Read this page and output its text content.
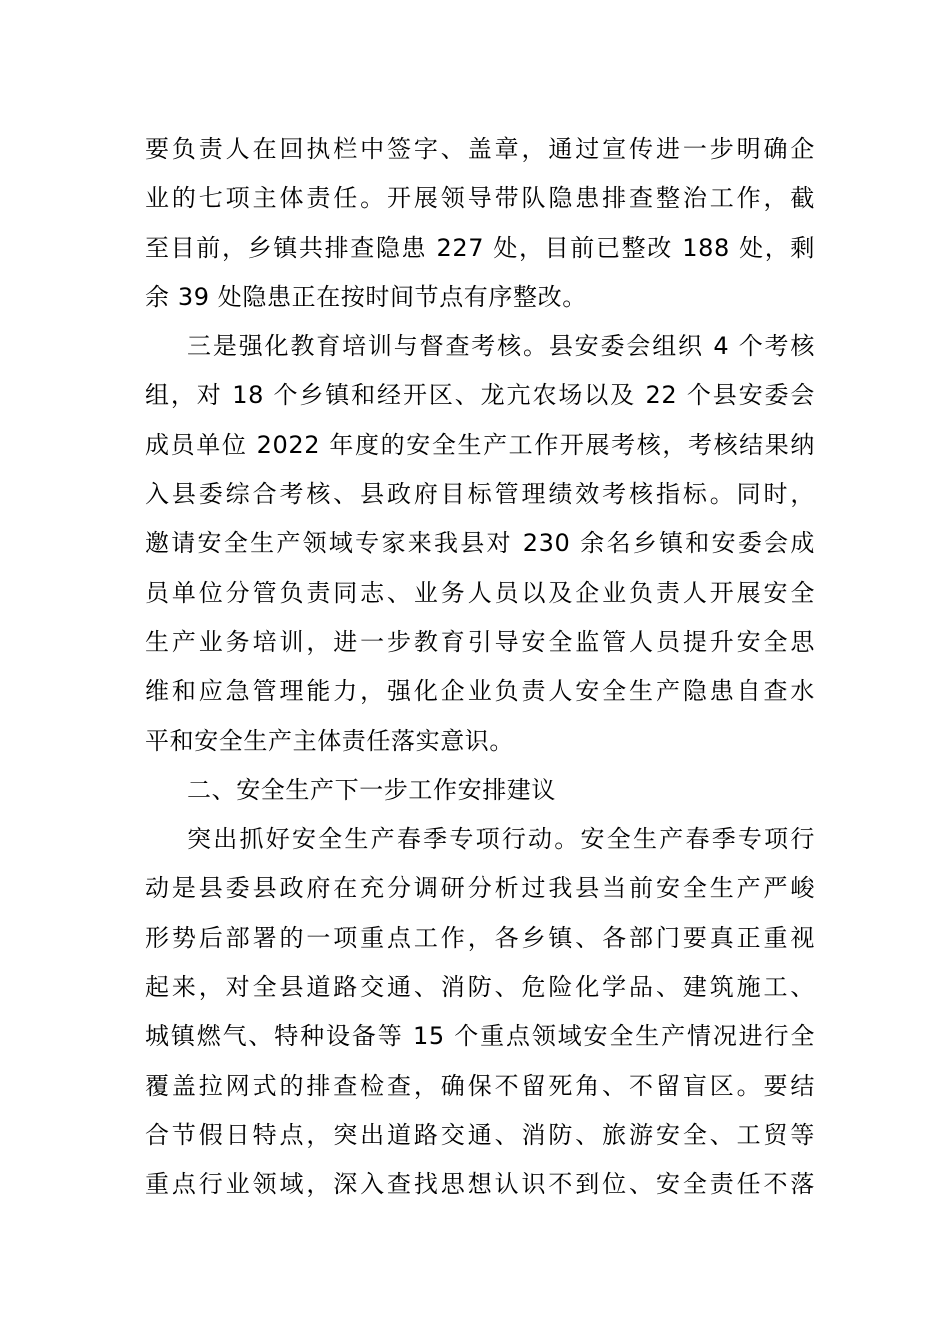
要负责人在回执栏中签字、盖章，通过宣传进一步明确企
业的七项主体责任。开展领导带队隐患排查整治工作，截
至目前，乡镇共排查隐患 227 处，目前已整改 188 处，剩
余 39 处隐患正在按时间节点有序整改。
三是强化教育培训与督查考核。县安委会组织 4 个考核
组，对 18 个乡镇和经开区、龙亢农场以及 22 个县安委会
成员单位 2022 年度的安全生产工作开展考核，考核结果纳
入县委综合考核、县政府目标管理绩效考核指标。同时，
邀请安全生产领域专家来我县对 230 余名乡镇和安委会成
员单位分管负责同志、业务人员以及企业负责人开展安全
生产业务培训，进一步教育引导安全监管人员提升安全思
维和应急管理能力，强化企业负责人安全生产隐患自查水
平和安全生产主体责任落实意识。
二、安全生产下一步工作安排建议
突出抓好安全生产春季专项行动。安全生产春季专项行
动是县委县政府在充分调研分析过我县当前安全生产严峻
形势后部署的一项重点工作，各乡镇、各部门要真正重视
起来，对全县道路交通、消防、危险化学品、建筑施工、
城镇燃气、特种设备等 15 个重点领域安全生产情况进行全
覆盖拉网式的排查检查，确保不留死角、不留盲区。要结
合节假日特点，突出道路交通、消防、旅游安全、工贸等
重点行业领域，深入查找思想认识不到位、安全责任不落
